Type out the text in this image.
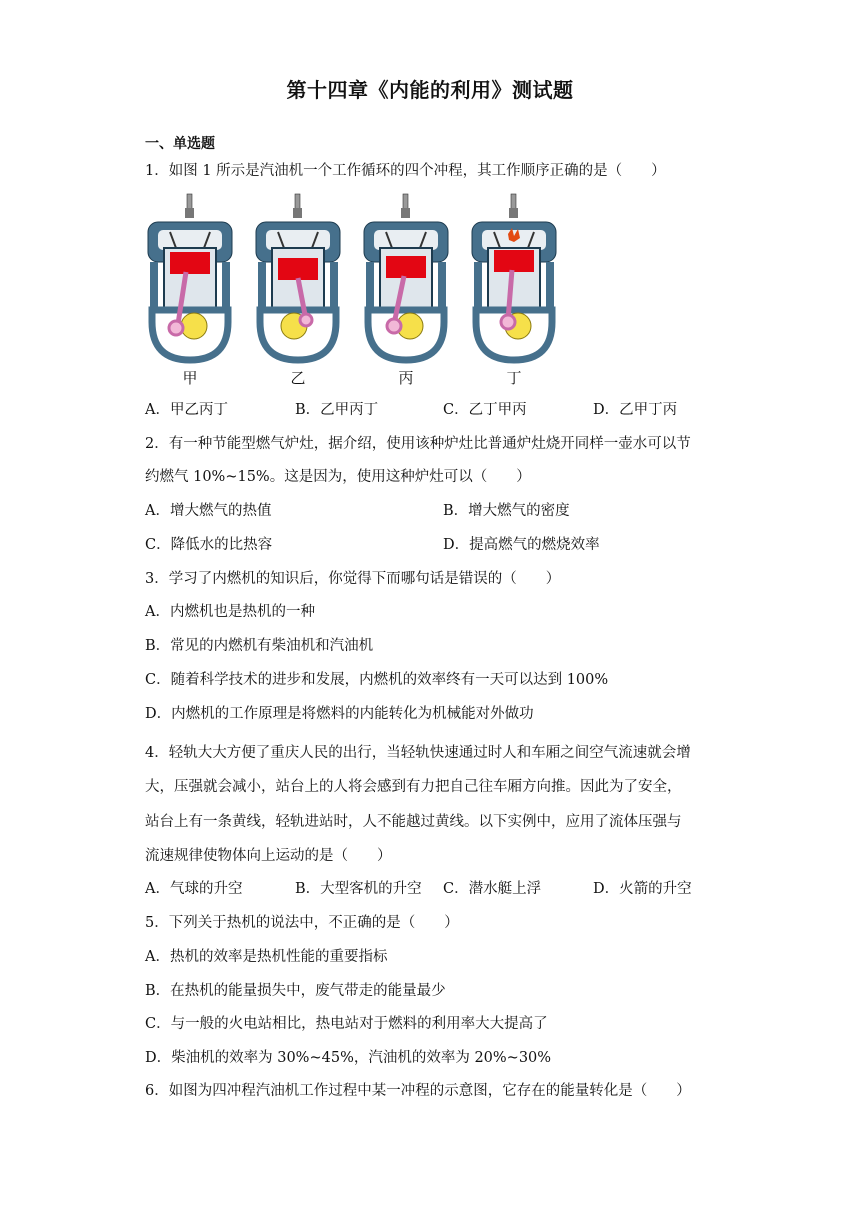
第十四章《内能的利用》测试题
一、单选题
1．如图 1 所示是汽油机一个工作循环的四个冲程，其工作顺序正确的是（　　）
甲	乙	丙	丁
A．甲乙丙丁	B．乙甲丙丁	C．乙丁甲丙	D．乙甲丁丙
2．有一种节能型燃气炉灶，据介绍，使用该种炉灶比普通炉灶烧开同样一壶水可以节
约燃气 10%~15%。这是因为，使用这种炉灶可以（　　）
A．增大燃气的热值	B．增大燃气的密度
C．降低水的比热容	D．提高燃气的燃烧效率
3．学习了内燃机的知识后，你觉得下而哪句话是错误的（　　）
A．内燃机也是热机的一种
B．常见的内燃机有柴油机和汽油机
C．随着科学技术的进步和发展，内燃机的效率终有一天可以达到 100%
D．内燃机的工作原理是将燃料的内能转化为机械能对外做功
4．轻轨大大方便了重庆人民的出行，当轻轨快速通过时人和车厢之间空气流速就会增
大，压强就会减小，站台上的人将会感到有力把自己往车厢方向推。因此为了安全，
站台上有一条黄线，轻轨进站时，人不能越过黄线。以下实例中，应用了流体压强与
流速规律使物体向上运动的是（　　）
A．气球的升空	B．大型客机的升空 C．潜水艇上浮	D．火箭的升空
5．下列关于热机的说法中，不正确的是（　　）
A．热机的效率是热机性能的重要指标
B．在热机的能量损失中，废气带走的能量最少
C．与一般的火电站相比，热电站对于燃料的利用率大大提高了
D．柴油机的效率为 30%~45%，汽油机的效率为 20%~30%
6．如图为四冲程汽油机工作过程中某一冲程的示意图，它存在的能量转化是（　　）
